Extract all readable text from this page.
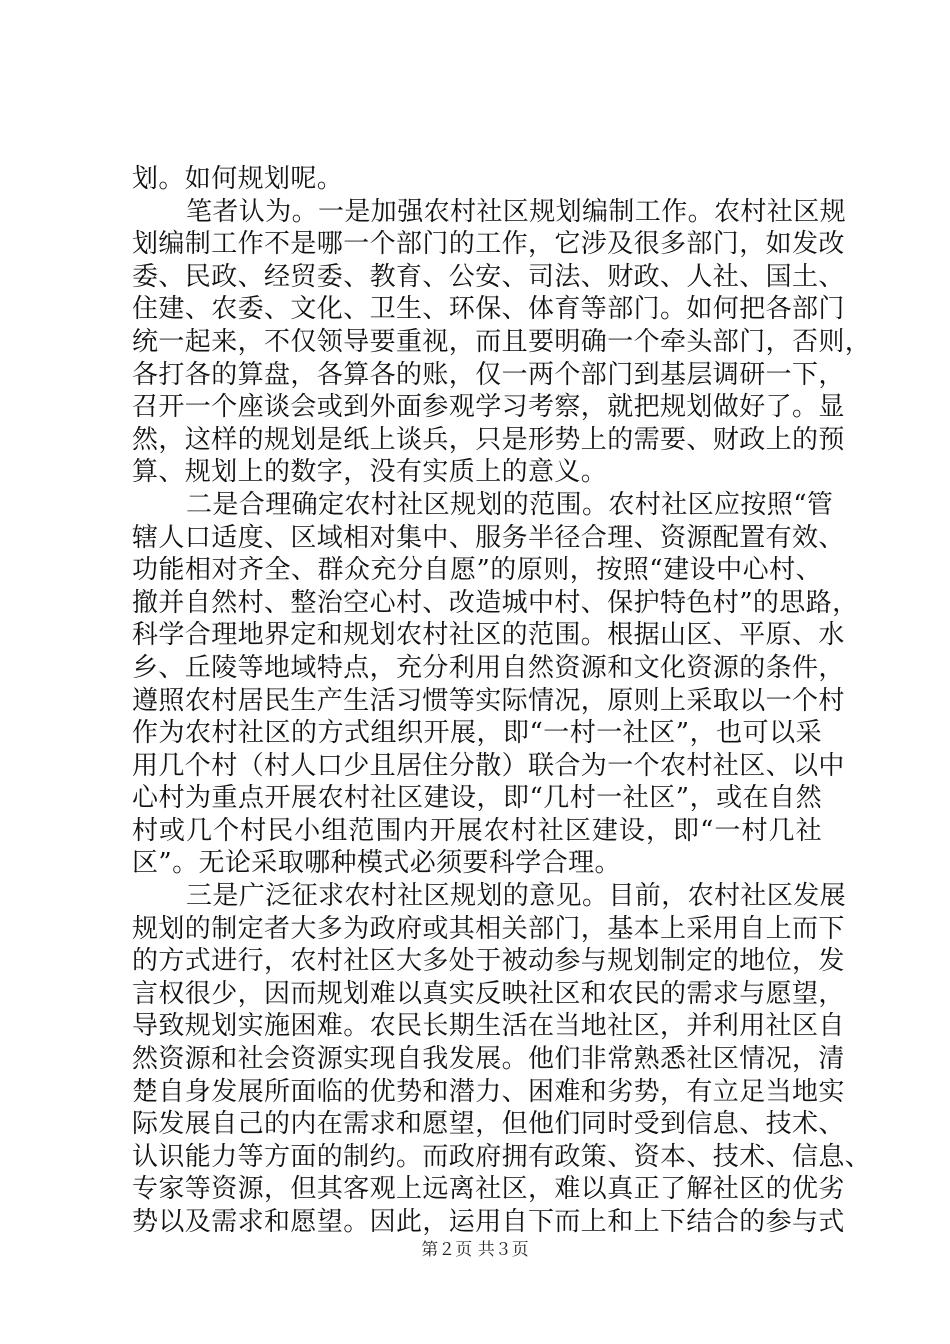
划。如何规划呢。
笔者认为。一是加强农村社区规划编制工作。农村社区规
划编制工作不是哪一个部门的工作，它涉及很多部门，如发改
委、民政、经贸委、教育、公安、司法、财政、人社、国土、
住建、农委、文化、卫生、环保、体育等部门。如何把各部门
统一起来，不仅领导要重视，而且要明确一个牵头部门，否则，
各打各的算盘，各算各的账，仅一两个部门到基层调研一下，
召开一个座谈会或到外面参观学习考察，就把规划做好了。显
然，这样的规划是纸上谈兵，只是形势上的需要、财政上的预
算、规划上的数字，没有实质上的意义。
二是合理确定农村社区规划的范围。农村社区应按照“管
辖人口适度、区域相对集中、服务半径合理、资源配置有效、
功能相对齐全、群众充分自愿”的原则，按照“建设中心村、
撤并自然村、整治空心村、改造城中村、保护特色村”的思路，
科学合理地界定和规划农村社区的范围。根据山区、平原、水
乡、丘陵等地域特点，充分利用自然资源和文化资源的条件，
遵照农村居民生产生活习惯等实际情况，原则上采取以一个村
作为农村社区的方式组织开展，即“一村一社区”，也可以采
用几个村（村人口少且居住分散）联合为一个农村社区、以中
心村为重点开展农村社区建设，即“几村一社区”，或在自然
村或几个村民小组范围内开展农村社区建设，即“一村几社
区”。无论采取哪种模式必须要科学合理。
三是广泛征求农村社区规划的意见。目前，农村社区发展
规划的制定者大多为政府或其相关部门，基本上采用自上而下
的方式进行，农村社区大多处于被动参与规划制定的地位，发
言权很少，因而规划难以真实反映社区和农民的需求与愿望，
导致规划实施困难。农民长期生活在当地社区，并利用社区自
然资源和社会资源实现自我发展。他们非常熟悉社区情况，清
楚自身发展所面临的优势和潜力、困难和劣势，有立足当地实
际发展自己的内在需求和愿望，但他们同时受到信息、技术、
认识能力等方面的制约。而政府拥有政策、资本、技术、信息、
专家等资源，但其客观上远离社区，难以真正了解社区的优劣
势以及需求和愿望。因此，运用自下而上和上下结合的参与式
第２页 共３页
